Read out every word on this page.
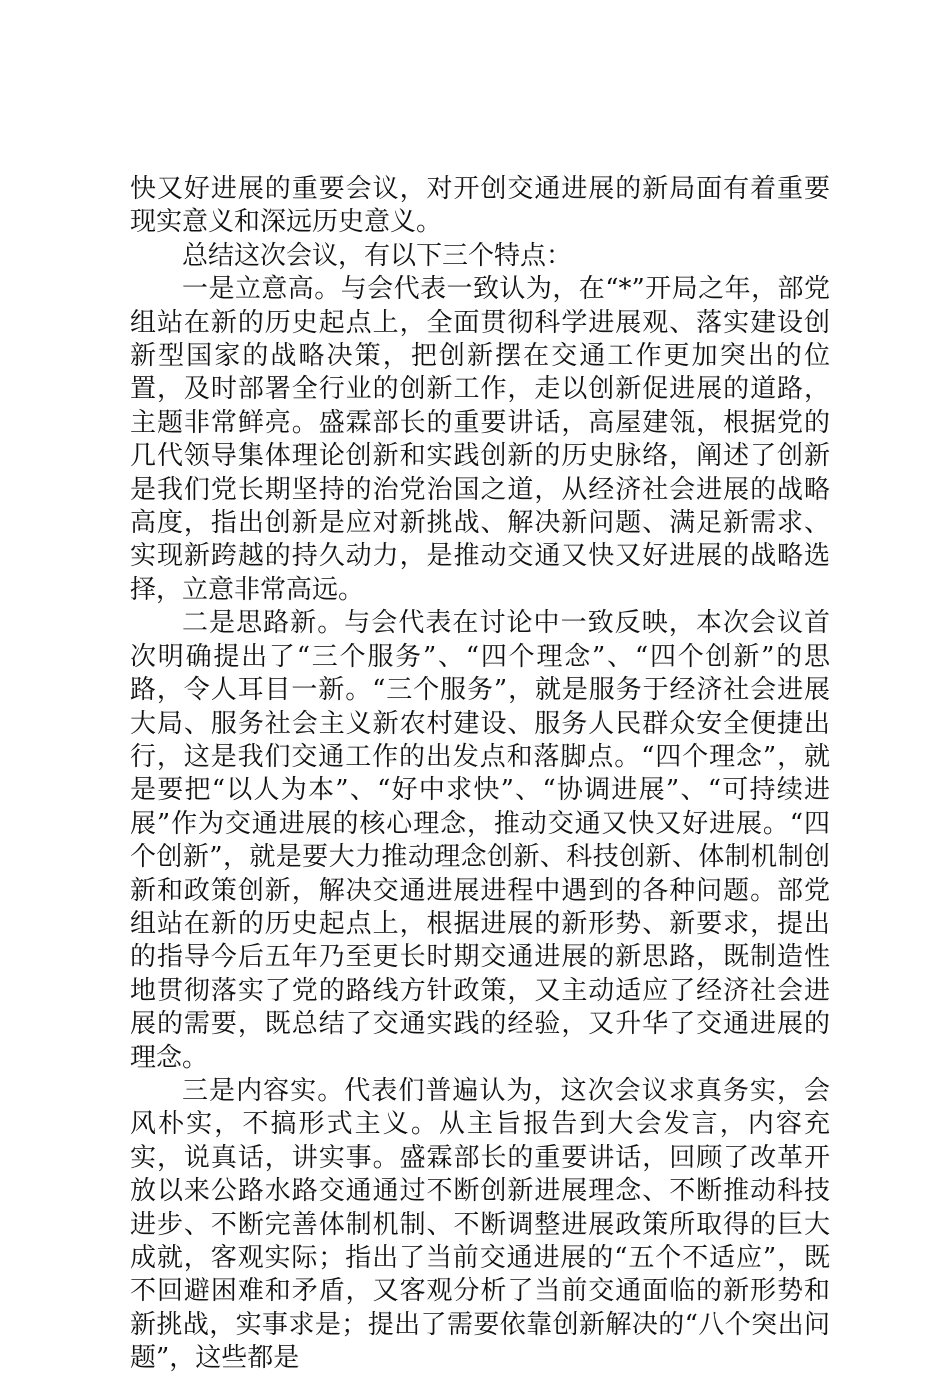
快又好进展的重要会议，对开创交通进展的新局面有着重要现实意义和深远历史意义。

总结这次会议，有以下三个特点：

一是立意高。与会代表一致认为，在“*”开局之年，部党组站在新的历史起点上，全面贯彻科学进展观、落实建设创新型国家的战略决策，把创新摆在交通工作更加突出的位置，及时部署全行业的创新工作，走以创新促进展的道路，主题非常鲜亮。盛霖部长的重要讲话，高屋建瓴，根据党的几代领导集体理论创新和实践创新的历史脉络，阐述了创新是我们党长期坚持的治党治国之道，从经济社会进展的战略高度，指出创新是应对新挑战、解决新问题、满足新需求、实现新跨越的持久动力，是推动交通又快又好进展的战略选择，立意非常高远。

二是思路新。与会代表在讨论中一致反映，本次会议首次明确提出了“三个服务”、“四个理念”、“四个创新”的思路，令人耳目一新。“三个服务”，就是服务于经济社会进展大局、服务社会主义新农村建设、服务人民群众安全便捷出行，这是我们交通工作的出发点和落脚点。“四个理念”，就是要把“以人为本”、“好中求快”、“协调进展”、“可持续进展”作为交通进展的核心理念，推动交通又快又好进展。“四个创新”，就是要大力推动理念创新、科技创新、体制机制创新和政策创新，解决交通进展进程中遇到的各种问题。部党组站在新的历史起点上，根据进展的新形势、新要求，提出的指导今后五年乃至更长时期交通进展的新思路，既制造性地贯彻落实了党的路线方针政策，又主动适应了经济社会进展的需要，既总结了交通实践的经验，又升华了交通进展的理念。

三是内容实。代表们普遍认为，这次会议求真务实，会风朴实，不搞形式主义。从主旨报告到大会发言，内容充实，说真话，讲实事。盛霖部长的重要讲话，回顾了改革开放以来公路水路交通通过不断创新进展理念、不断推动科技进步、不断完善体制机制、不断调整进展政策所取得的巨大成就，客观实际；指出了当前交通进展的“五个不适应”，既不回避困难和矛盾，又客观分析了当前交通面临的新形势和新挑战，实事求是；提出了需要依靠创新解决的“八个突出问题”，这些都是
